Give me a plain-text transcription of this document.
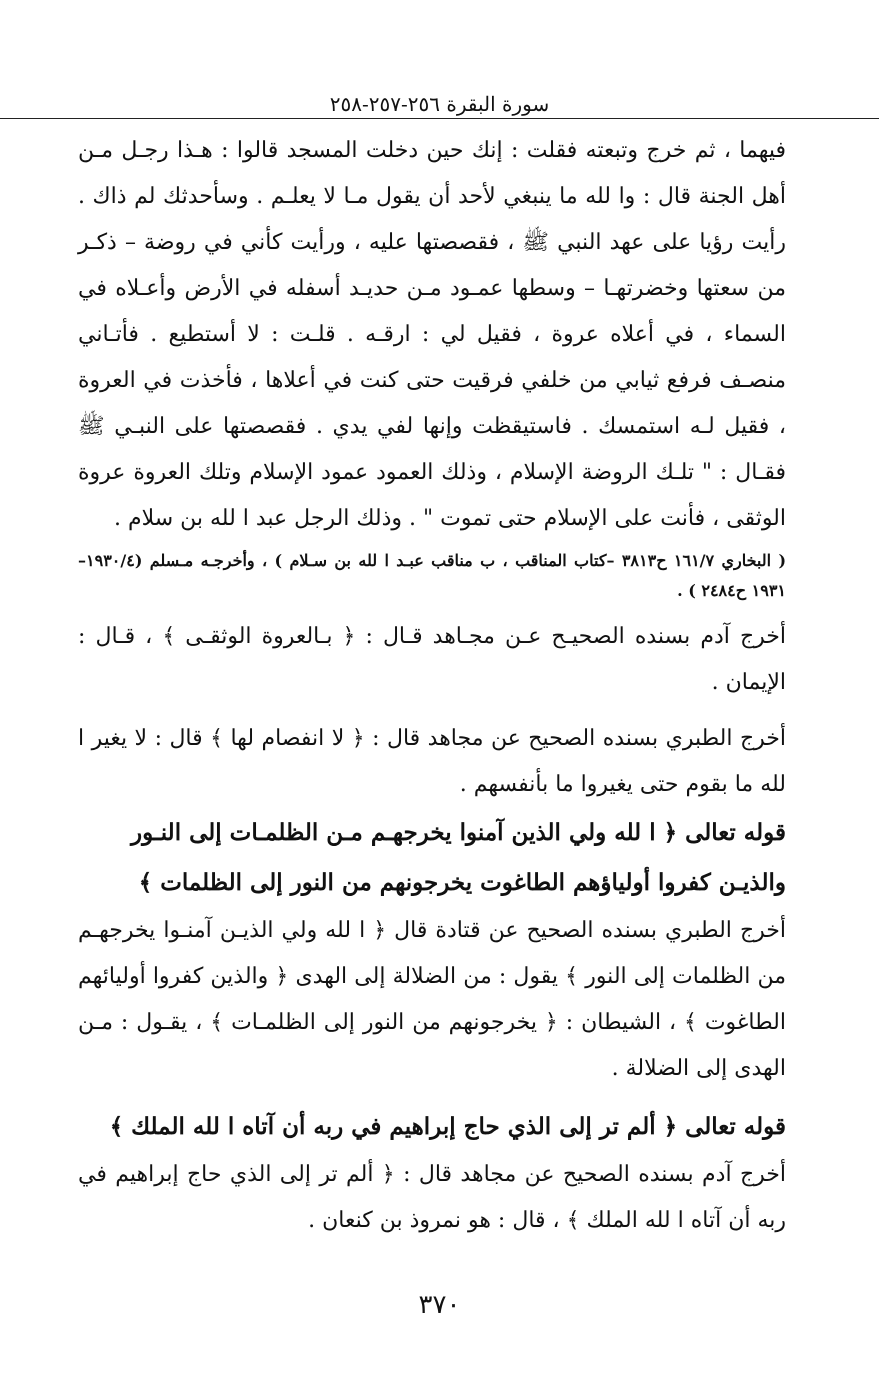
سورة البقرة ٢٥٦-٢٥٧-٢٥٨

فيهما ، ثم خرج وتبعته فقلت : إنك حين دخلت المسجد قالوا : هـذا رجـل مـن أهل الجنة قال : وا لله ما ينبغي لأحد أن يقول مـا لا يعلـم . وسأحدثك لم ذاك . رأيت رؤيا على عهد النبي ﷺ ، فقصصتها عليه ، ورأيت كأني في روضة – ذكـر من سعتها وخضرتهـا – وسطها عمـود مـن حديـد أسفله في الأرض وأعـلاه في السماء ، في أعلاه عروة ، فقيل لي : ارقـه . قلـت : لا أستطيع . فأتـاني منصـف فرفع ثيابي من خلفي فرقيت حتى كنت في أعلاها ، فأخذت في العروة ، فقيل لـه استمسك . فاستيقظت وإنها لفي يدي . فقصصتها على النبـي ﷺ فقـال : " تلـك الروضة الإسلام ، وذلك العمود عمود الإسلام وتلك العروة عروة الوثقى ، فأنت على الإسلام حتى تموت " . وذلك الرجل عبد ا لله بن سلام .

( البخاري ١٦١/٧ ح٣٨١٣ –كتاب المناقب ، ب مناقب عبـد ا لله بن سـلام ) ، وأخرجـه مـسلم (١٩٣٠/٤– ١٩٣١ ح٢٤٨٤ ) .

أخرج آدم بسنده الصحيـح عـن مجـاهد قـال : ﴿ بـالعروة الوثقـى ﴾ ، قـال : الإيمان .

أخرج الطبري بسنده الصحيح عن مجاهد قال : ﴿ لا انفصام لها ﴾ قال : لا يغير ا لله ما بقوم حتى يغيروا ما بأنفسهم .

قوله تعالى ﴿ ا لله ولي الذين آمنوا يخرجهـم مـن الظلمـات إلى النـور والذيـن كفروا أولياؤهم الطاغوت يخرجونهم من النور إلى الظلمات ﴾

أخرج الطبري بسنده الصحيح عن قتادة قال ﴿ ا لله ولي الذيـن آمنـوا يخرجهـم من الظلمات إلى النور ﴾ يقول : من الضلالة إلى الهدى ﴿ والذين كفروا أوليائهم الطاغوت ﴾ ، الشيطان : ﴿ يخرجونهم من النور إلى الظلمـات ﴾ ، يقـول : مـن الهدى إلى الضلالة .

قوله تعالى ﴿ ألم تر إلى الذي حاج إبراهيم في ربه أن آتاه ا لله الملك ﴾

أخرج آدم بسنده الصحيح عن مجاهد قال : ﴿ ألم تر إلى الذي حاج إبراهيم في ربه أن آتاه ا لله الملك ﴾ ، قال : هو نمروذ بن كنعان .

٣٧٠
